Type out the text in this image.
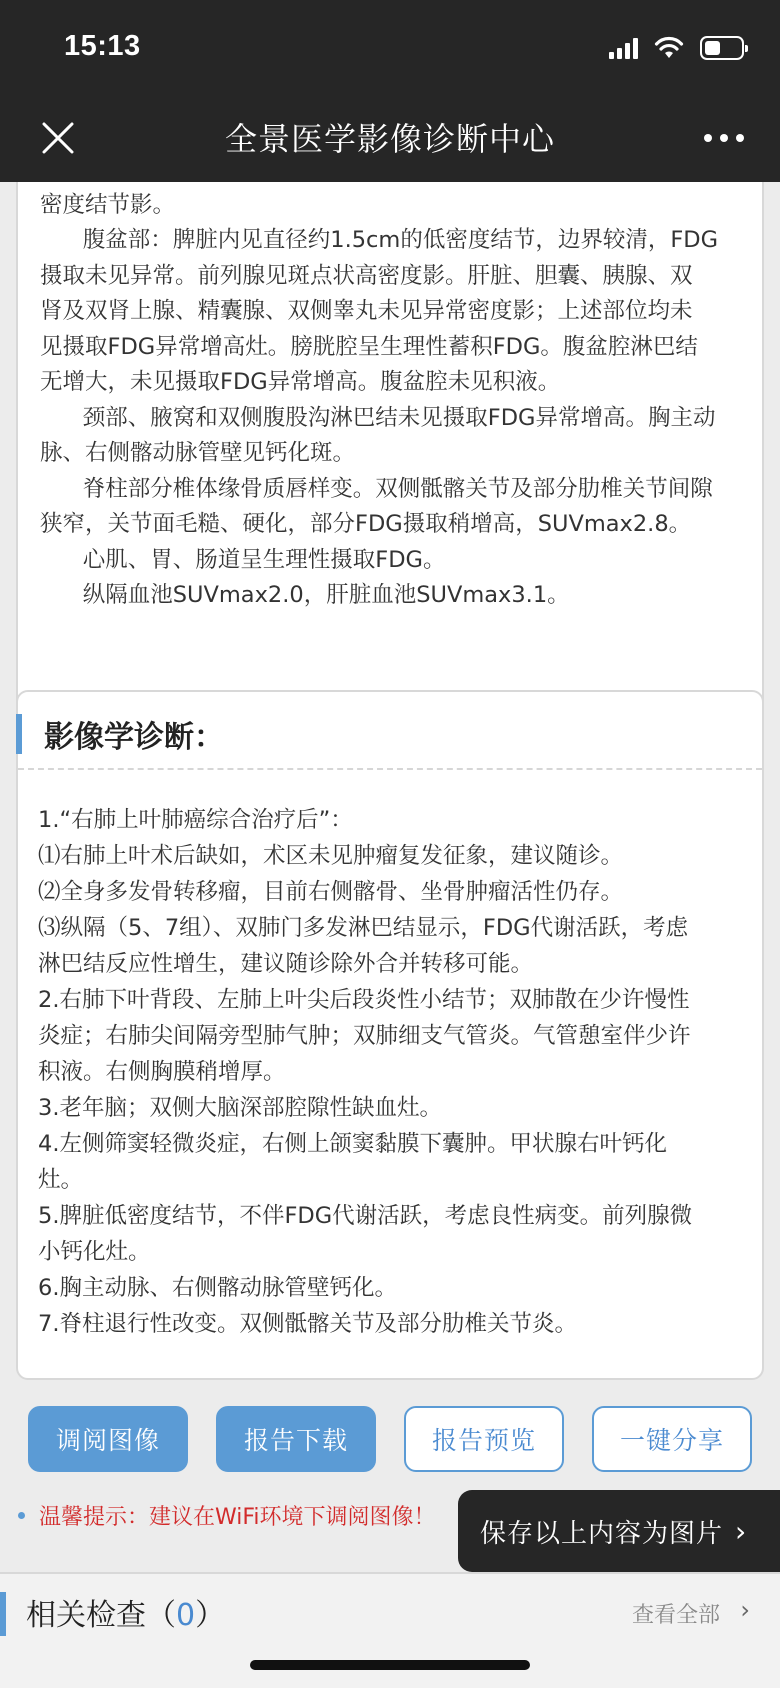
15:13
全景医学影像诊断中心

密度结节影。

腹盆部：脾脏内见直径约1.5cm的低密度结节，边界较清，FDG

摄取未见异常。前列腺见斑点状高密度影。肝脏、胆囊、胰腺、双

肾及双肾上腺、精囊腺、双侧睾丸未见异常密度影；上述部位均未

见摄取FDG异常增高灶。膀胱腔呈生理性蓄积FDG。腹盆腔淋巴结

无增大，未见摄取FDG异常增高。腹盆腔未见积液。

颈部、腋窝和双侧腹股沟淋巴结未见摄取FDG异常增高。胸主动

脉、右侧髂动脉管壁见钙化斑。

脊柱部分椎体缘骨质唇样变。双侧骶髂关节及部分肋椎关节间隙

狭窄，关节面毛糙、硬化，部分FDG摄取稍增高，SUVmax2.8。

心肌、胃、肠道呈生理性摄取FDG。

纵隔血池SUVmax2.0，肝脏血池SUVmax3.1。

影像学诊断：

1.“右肺上叶肺癌综合治疗后”：

⑴右肺上叶术后缺如，术区未见肿瘤复发征象，建议随诊。

⑵全身多发骨转移瘤，目前右侧髂骨、坐骨肿瘤活性仍存。

⑶纵隔（5、7组）、双肺门多发淋巴结显示，FDG代谢活跃，考虑

淋巴结反应性增生，建议随诊除外合并转移可能。

2.右肺下叶背段、左肺上叶尖后段炎性小结节；双肺散在少许慢性

炎症；右肺尖间隔旁型肺气肿；双肺细支气管炎。气管憩室伴少许

积液。右侧胸膜稍增厚。

3.老年脑；双侧大脑深部腔隙性缺血灶。

4.左侧筛窦轻微炎症，右侧上颌窦黏膜下囊肿。甲状腺右叶钙化

灶。

5.脾脏低密度结节，不伴FDG代谢活跃，考虑良性病变。前列腺微

小钙化灶。

6.胸主动脉、右侧髂动脉管壁钙化。

7.脊柱退行性改变。双侧骶髂关节及部分肋椎关节炎。

调阅图像	报告下载	报告预览	一键分享
温馨提示：建议在WiFi环境下调阅图像！
相关检查（0）	查看全部 ›
保存以上内容为图片 ›
